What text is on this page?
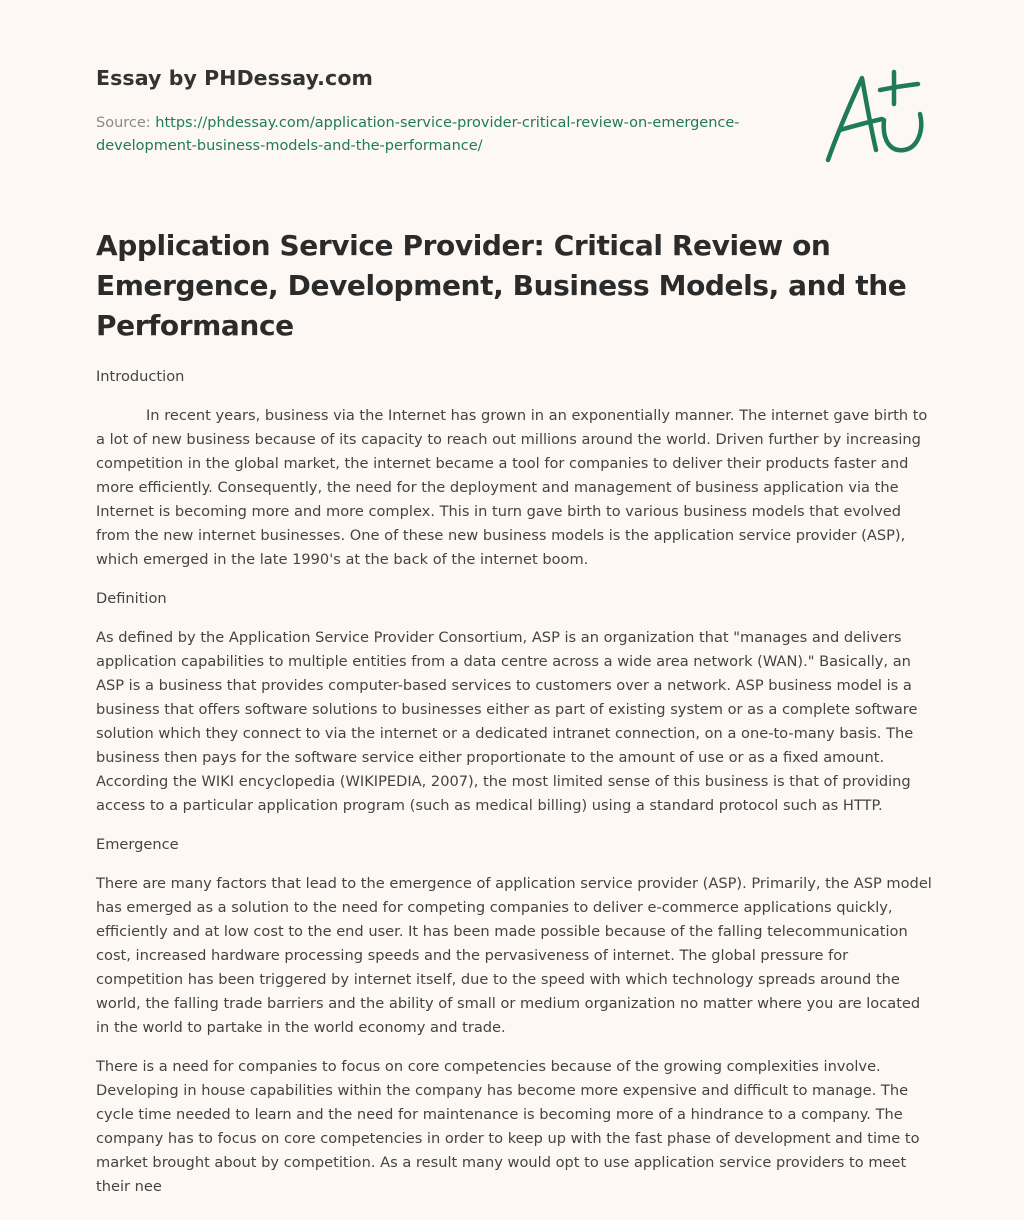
Essay by PHDessay.com

Source: https://phdessay.com/application-service-provider-critical-review-on-emergence-development-business-models-and-the-performance/

Application Service Provider: Critical Review on Emergence, Development, Business Models, and the Performance

Introduction

In recent years, business via the Internet has grown in an exponentially manner. The internet gave birth to a lot of new business because of its capacity to reach out millions around the world. Driven further by increasing competition in the global market, the internet became a tool for companies to deliver their products faster and more efficiently. Consequently, the need for the deployment and management of business application via the Internet is becoming more and more complex. This in turn gave birth to various business models that evolved from the new internet businesses. One of these new business models is the application service provider (ASP), which emerged in the late 1990's at the back of the internet boom.

Definition

As defined by the Application Service Provider Consortium, ASP is an organization that "manages and delivers application capabilities to multiple entities from a data centre across a wide area network (WAN)." Basically, an ASP is a business that provides computer-based services to customers over a network. ASP business model is a business that offers software solutions to businesses either as part of existing system or as a complete software solution which they connect to via the internet or a dedicated intranet connection, on a one-to-many basis. The business then pays for the software service either proportionate to the amount of use or as a fixed amount. According the WIKI encyclopedia (WIKIPEDIA, 2007), the most limited sense of this business is that of providing access to a particular application program (such as medical billing) using a standard protocol such as HTTP.

Emergence

There are many factors that lead to the emergence of application service provider (ASP). Primarily, the ASP model has emerged as a solution to the need for competing companies to deliver e-commerce applications quickly, efficiently and at low cost to the end user. It has been made possible because of the falling telecommunication cost, increased hardware processing speeds and the pervasiveness of internet. The global pressure for competition has been triggered by internet itself, due to the speed with which technology spreads around the world, the falling trade barriers and the ability of small or medium organization no matter where you are located in the world to partake in the world economy and trade.

There is a need for companies to focus on core competencies because of the growing complexities involve. Developing in house capabilities within the company has become more expensive and difficult to manage. The cycle time needed to learn and the need for maintenance is becoming more of a hindrance to a company. The company has to focus on core competencies in order to keep up with the fast phase of development and time to market brought about by competition. As a result many would opt to use application service providers to meet their nee
